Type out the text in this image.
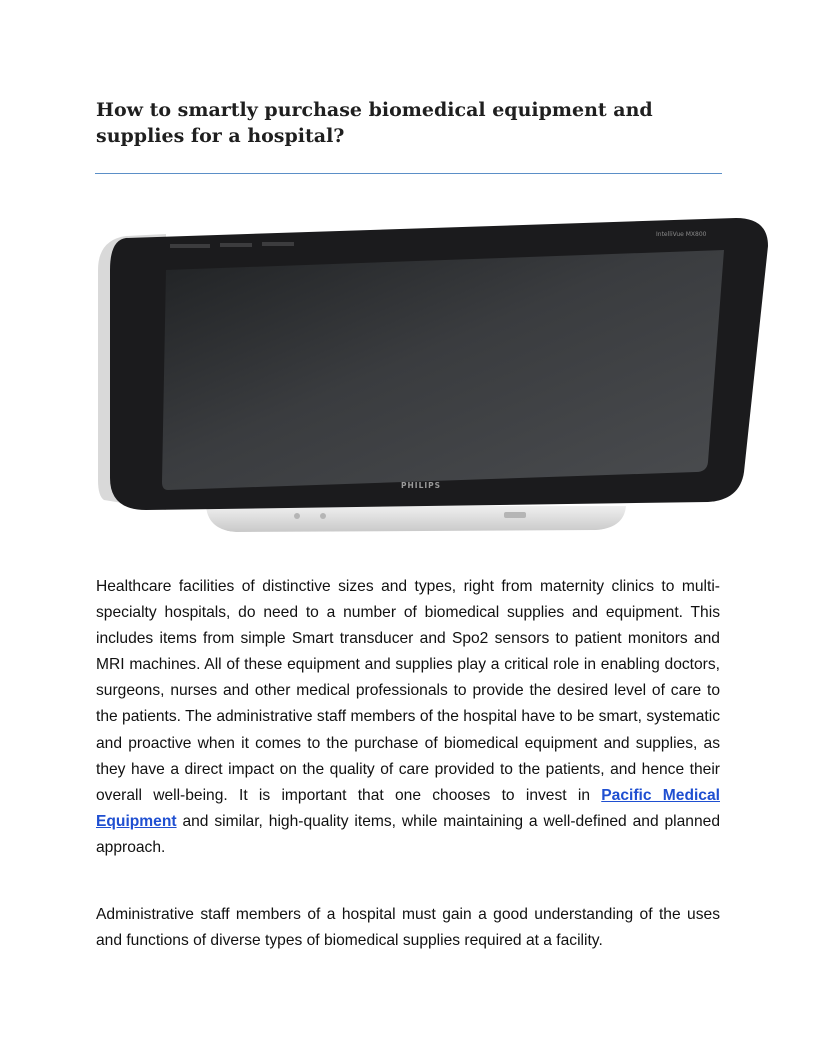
How to smartly purchase biomedical equipment and supplies for a hospital?
IntelliVue MX800
PHILIPS

Healthcare facilities of distinctive sizes and types, right from maternity clinics to multi-specialty hospitals, do need to a number of biomedical supplies and equipment. This includes items from simple Smart transducer and Spo2 sensors to patient monitors and MRI machines. All of these equipment and supplies play a critical role in enabling doctors, surgeons, nurses and other medical professionals to provide the desired level of care to the patients. The administrative staff members of the hospital have to be smart, systematic and proactive when it comes to the purchase of biomedical equipment and supplies, as they have a direct impact on the quality of care provided to the patients, and hence their overall well-being. It is important that one chooses to invest in Pacific Medical Equipment and similar, high-quality items, while maintaining a well-defined and planned approach.

Administrative staff members of a hospital must gain a good understanding of the uses and functions of diverse types of biomedical supplies required at a facility.
